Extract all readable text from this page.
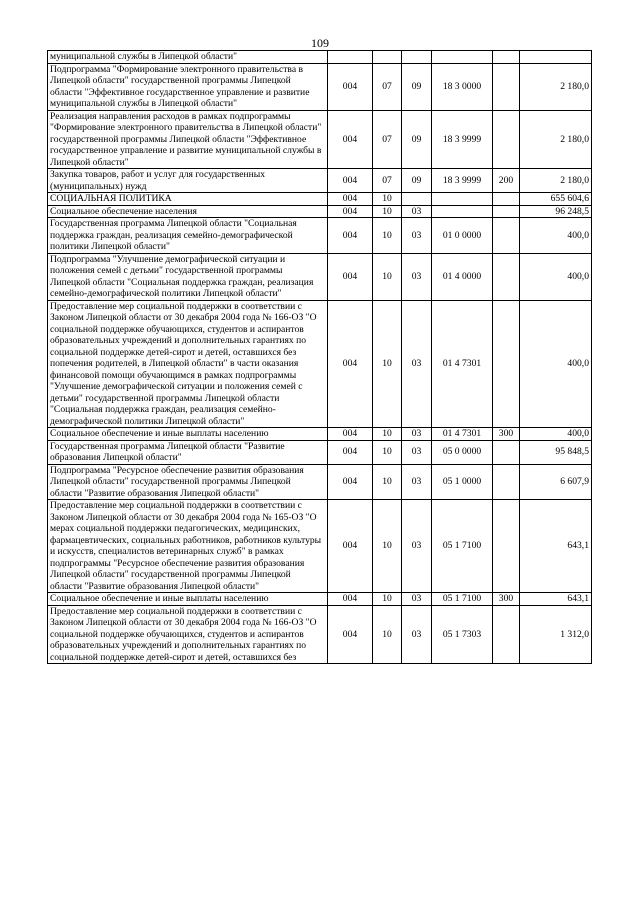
109
муниципальной службы в Липецкой области"						
Подпрограмма "Формирование электронного правительства в Липецкой области" государственной программы Липецкой области "Эффективное государственное управление и развитие муниципальной службы в Липецкой области"	004	07	09	18 3 0000		2 180,0
Реализация направления расходов в рамках подпрограммы "Формирование электронного правительства в Липецкой области" государственной программы Липецкой области "Эффективное государственное управление и развитие муниципальной службы в Липецкой области"	004	07	09	18 3 9999		2 180,0
Закупка товаров, работ и услуг для государственных (муниципальных) нужд	004	07	09	18 3 9999	200	2 180,0
СОЦИАЛЬНАЯ ПОЛИТИКА	004	10				655 604,6
Социальное обеспечение населения	004	10	03			96 248,5
Государственная программа Липецкой области "Социальная поддержка граждан, реализация семейно-демографической политики Липецкой области"	004	10	03	01 0 0000		400,0
Подпрограмма "Улучшение демографической ситуации и положения семей с детьми" государственной программы Липецкой области "Социальная поддержка граждан, реализация семейно-демографической политики Липецкой области"	004	10	03	01 4 0000		400,0
Предоставление мер социальной поддержки в соответствии с Законом Липецкой области от 30 декабря 2004 года № 166-ОЗ "О социальной поддержке обучающихся, студентов и аспирантов образовательных учреждений и дополнительных гарантиях по социальной поддержке детей-сирот и детей, оставшихся без попечения родителей, в Липецкой области" в части оказания финансовой помощи обучающимся в рамках подпрограммы "Улучшение демографической ситуации и положения семей с детьми" государственной программы Липецкой области "Социальная поддержка граждан, реализация семейно-демографической политики Липецкой области"	004	10	03	01 4 7301		400,0
Социальное обеспечение и иные выплаты населению	004	10	03	01 4 7301	300	400,0
Государственная программа Липецкой области "Развитие образования Липецкой области"	004	10	03	05 0 0000		95 848,5
Подпрограмма "Ресурсное обеспечение развития образования Липецкой области" государственной программы Липецкой области "Развитие образования Липецкой области"	004	10	03	05 1 0000		6 607,9
Предоставление мер социальной поддержки в соответствии с Законом Липецкой области от 30 декабря 2004 года № 165-ОЗ "О мерах социальной поддержки педагогических, медицинских, фармацевтических, социальных работников, работников культуры и искусств, специалистов ветеринарных служб" в рамках подпрограммы "Ресурсное обеспечение развития образования Липецкой области" государственной программы Липецкой области "Развитие образования Липецкой области"	004	10	03	05 1 7100		643,1
Социальное обеспечение и иные выплаты населению	004	10	03	05 1 7100	300	643,1
Предоставление мер социальной поддержки в соответствии с Законом Липецкой области от 30 декабря 2004 года № 166-ОЗ "О социальной поддержке обучающихся, студентов и аспирантов образовательных учреждений и дополнительных гарантиях по социальной поддержке детей-сирот и детей, оставшихся без	004	10	03	05 1 7303		1 312,0
